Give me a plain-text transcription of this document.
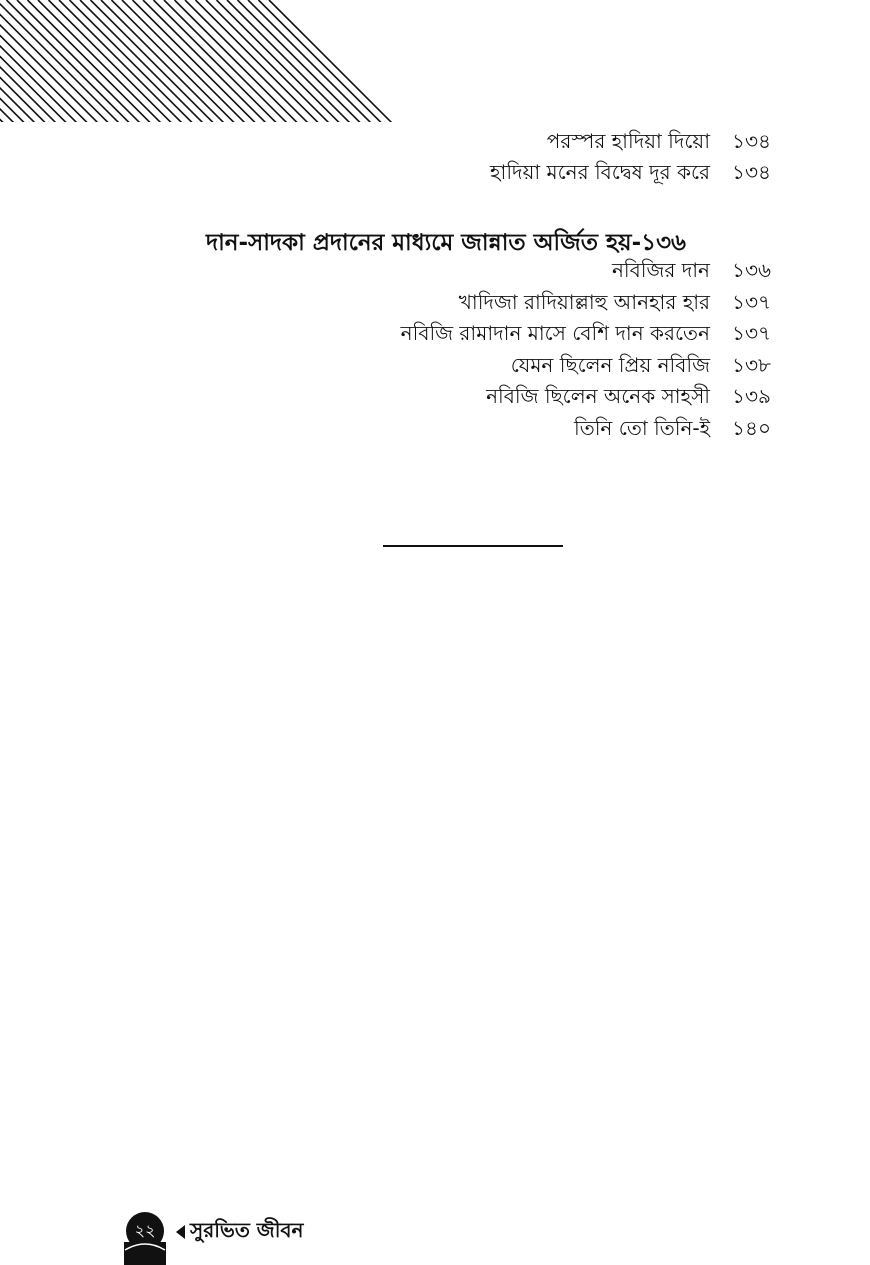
পরস্পর হাদিয়া দিয়ো ১৩৪
হাদিয়া মনের বিদ্বেষ দূর করে ১৩৪
দান-সাদকা প্রদানের মাধ্যমে জান্নাত অর্জিত হয়-১৩৬
নবিজির দান ১৩৬
খাদিজা রাদিয়াল্লাহু আনহার হার ১৩৭
নবিজি রামাদান মাসে বেশি দান করতেন ১৩৭
যেমন ছিলেন প্রিয় নবিজি ১৩৮
নবিজি ছিলেন অনেক সাহসী ১৩৯
তিনি তো তিনি-ই ১৪০
২২	সুরভিত জীবন
